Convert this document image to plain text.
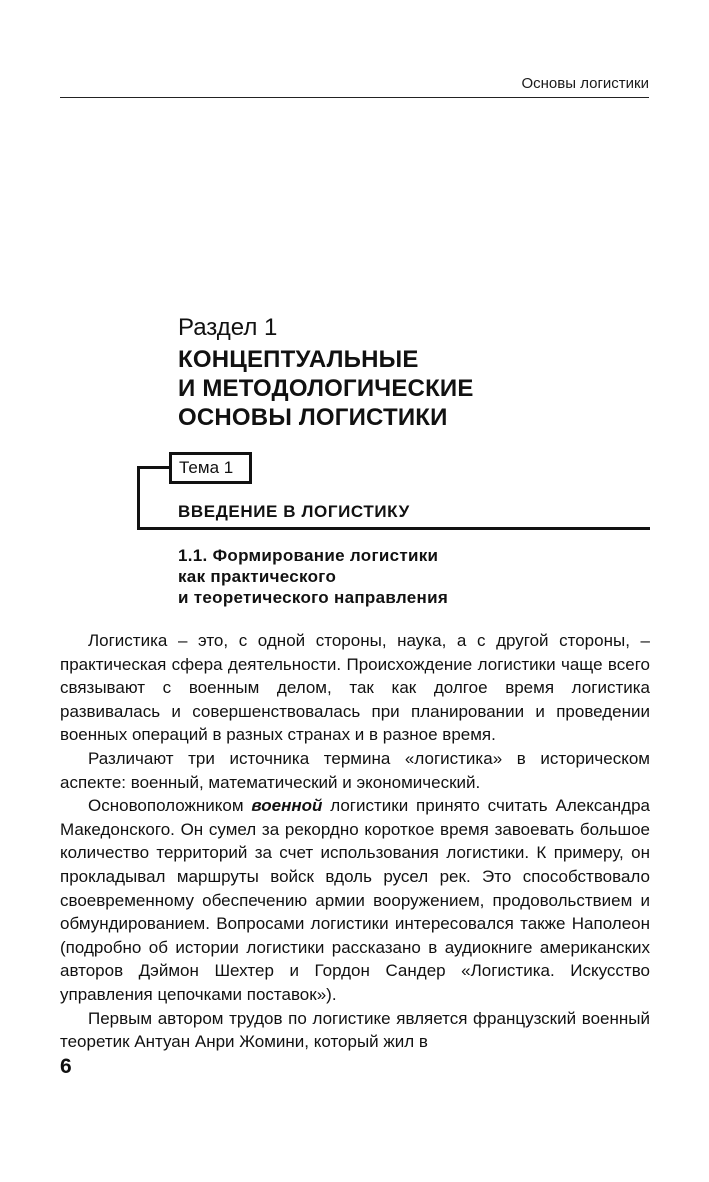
Основы логистики
Раздел 1
КОНЦЕПТУАЛЬНЫЕ
И МЕТОДОЛОГИЧЕСКИЕ
ОСНОВЫ ЛОГИСТИКИ
Тема 1
ВВЕДЕНИЕ В ЛОГИСТИКУ
1.1. Формирование логистики
как практического
и теоретического направления

Логистика – это, с одной стороны, наука, а с другой стороны, – практическая сфера деятельности. Происхождение логистики чаще всего связывают с военным делом, так как долгое время логистика развивалась и совершенствовалась при планировании и проведении военных операций в разных странах и в разное время.

Различают три источника термина «логистика» в историческом аспекте: военный, математический и экономический.

Основоположником военной логистики принято считать Александра Македонского. Он сумел за рекордно короткое время завоевать большое количество территорий за счет использования логистики. К примеру, он прокладывал маршруты войск вдоль русел рек. Это способствовало своевременному обеспечению армии вооружением, продовольствием и обмундированием. Вопросами логистики интересовался также Наполеон (подробно об истории логистики рассказано в аудиокниге американских авторов Дэймон Шехтер и Гордон Сандер «Логистика. Искусство управления цепочками поставок»).

Первым автором трудов по логистике является французский военный теоретик Антуан Анри Жомини, который жил в

6
